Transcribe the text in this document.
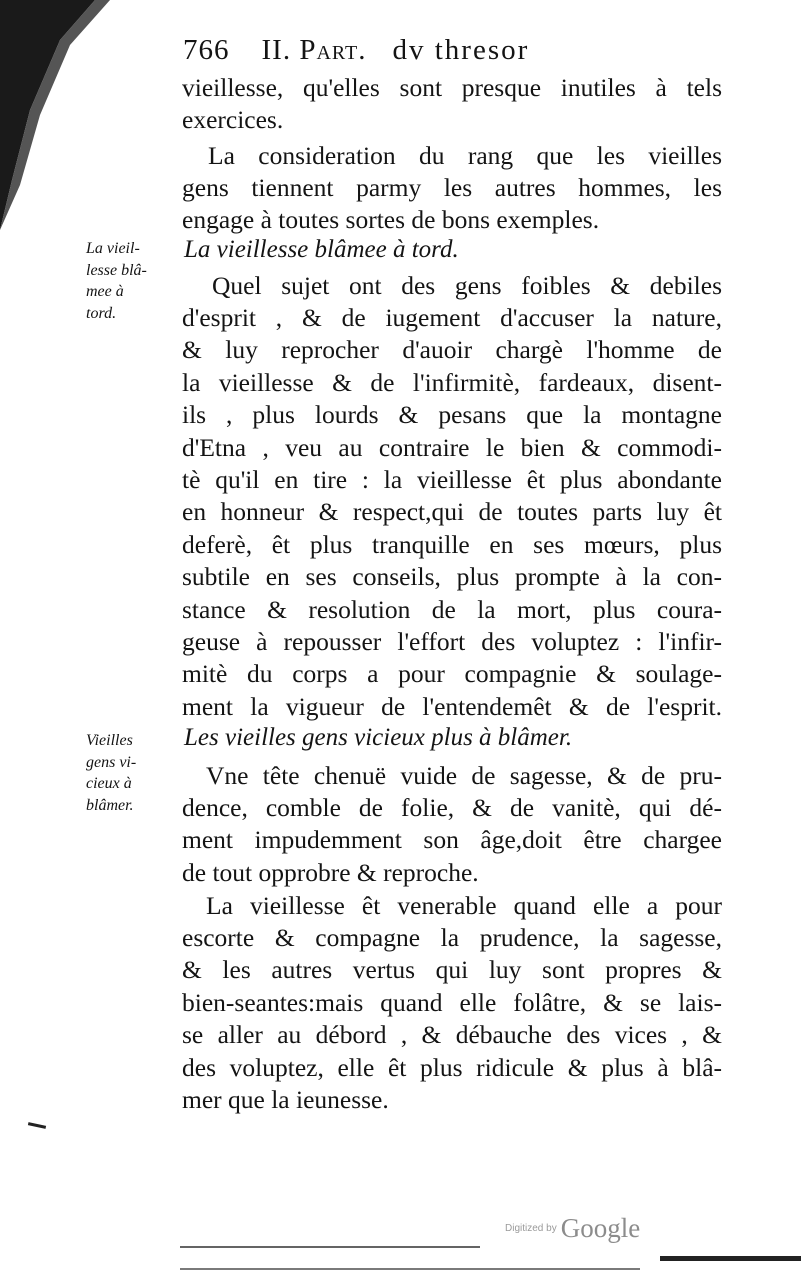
766 II. Part. dv thresor
vieillesse, qu'elles sont presque inutiles à tels
exercices.
La consideration du rang que les vieilles
gens tiennent parmy les autres hommes, les
engage à toutes sortes de bons exemples.
La vieillesse blâmee à tord.
La vieil-
lesse blâ-
mee à
tord.
Quel sujet ont des gens foibles & debiles
d'esprit , & de iugement d'accuser la nature,
& luy reprocher d'auoir chargè l'homme de
la vieillesse & de l'infirmitè, fardeaux, disent-
ils , plus lourds & pesans que la montagne
d'Etna , veu au contraire le bien & commodi-
tè qu'il en tire : la vieillesse êt plus abondante
en honneur & respect,qui de toutes parts luy êt
deferè, êt plus tranquille en ses mœurs, plus
subtile en ses conseils, plus prompte à la con-
stance & resolution de la mort, plus coura-
geuse à repousser l'effort des voluptez : l'infir-
mitè du corps a pour compagnie & soulage-
ment la vigueur de l'entendemêt & de l'esprit.
Les vieilles gens vicieux plus à blâmer.
Vieilles
gens vi-
cieux à
blâmer.
Vne tête chenuë vuide de sagesse, & de pru-
dence, comble de folie, & de vanitè, qui dé-
ment impudemment son âge,doit être chargee
de tout opprobre & reproche.
La vieillesse êt venerable quand elle a pour
escorte & compagne la prudence, la sagesse,
& les autres vertus qui luy sont propres &
bien-seantes:mais quand elle folâtre, & se lais-
se aller au débord , & débauche des vices , &
des voluptez, elle êt plus ridicule & plus à blâ-
mer que la ieunesse.
Digitized by Google
